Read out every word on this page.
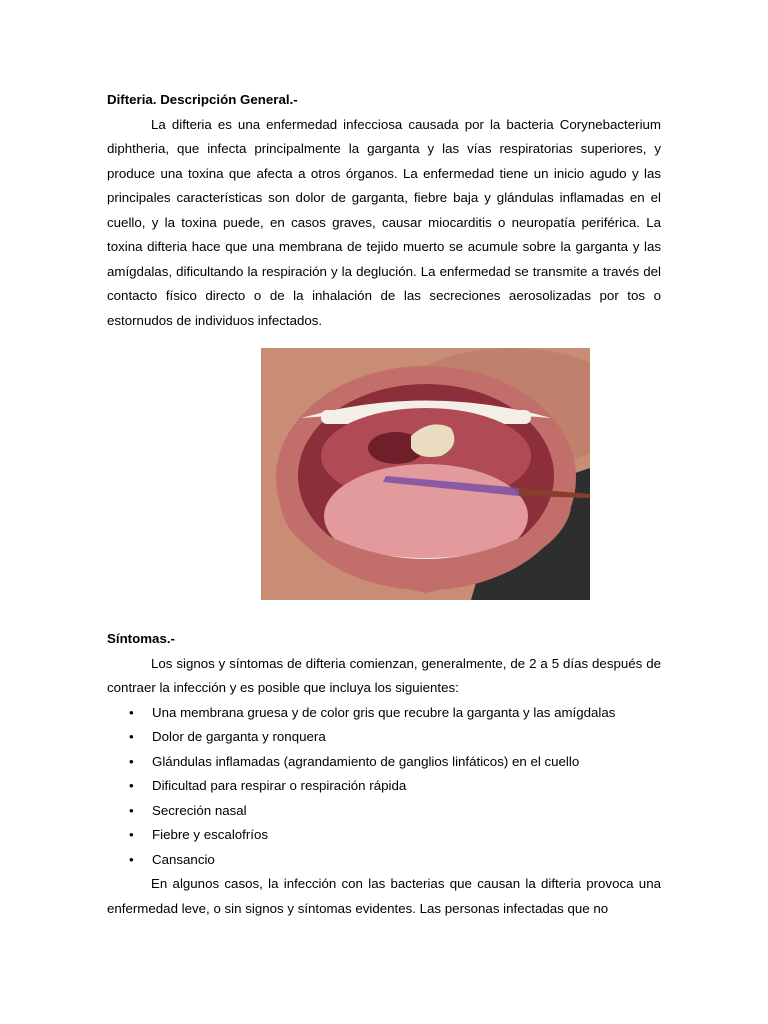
Difteria. Descripción General.-

La difteria es una enfermedad infecciosa causada por la bacteria Corynebacterium diphtheria, que infecta principalmente la garganta y las vías respiratorias superiores, y produce una toxina que afecta a otros órganos. La enfermedad tiene un inicio agudo y las principales características son dolor de garganta, fiebre baja y glándulas inflamadas en el cuello, y la toxina puede, en casos graves, causar miocarditis o neuropatía periférica. La toxina difteria hace que una membrana de tejido muerto se acumule sobre la garganta y las amígdalas, dificultando la respiración y la deglución. La enfermedad se transmite a través del contacto físico directo o de la inhalación de las secreciones aerosolizadas por tos o estornudos de individuos infectados.

Síntomas.-

Los signos y síntomas de difteria comienzan, generalmente, de 2 a 5 días después de contraer la infección y es posible que incluya los siguientes:

• Una membrana gruesa y de color gris que recubre la garganta y las amígdalas
• Dolor de garganta y ronquera
• Glándulas inflamadas (agrandamiento de ganglios linfáticos) en el cuello
• Dificultad para respirar o respiración rápida
• Secreción nasal
• Fiebre y escalofríos
• Cansancio

En algunos casos, la infección con las bacterias que causan la difteria provoca una enfermedad leve, o sin signos y síntomas evidentes. Las personas infectadas que no
